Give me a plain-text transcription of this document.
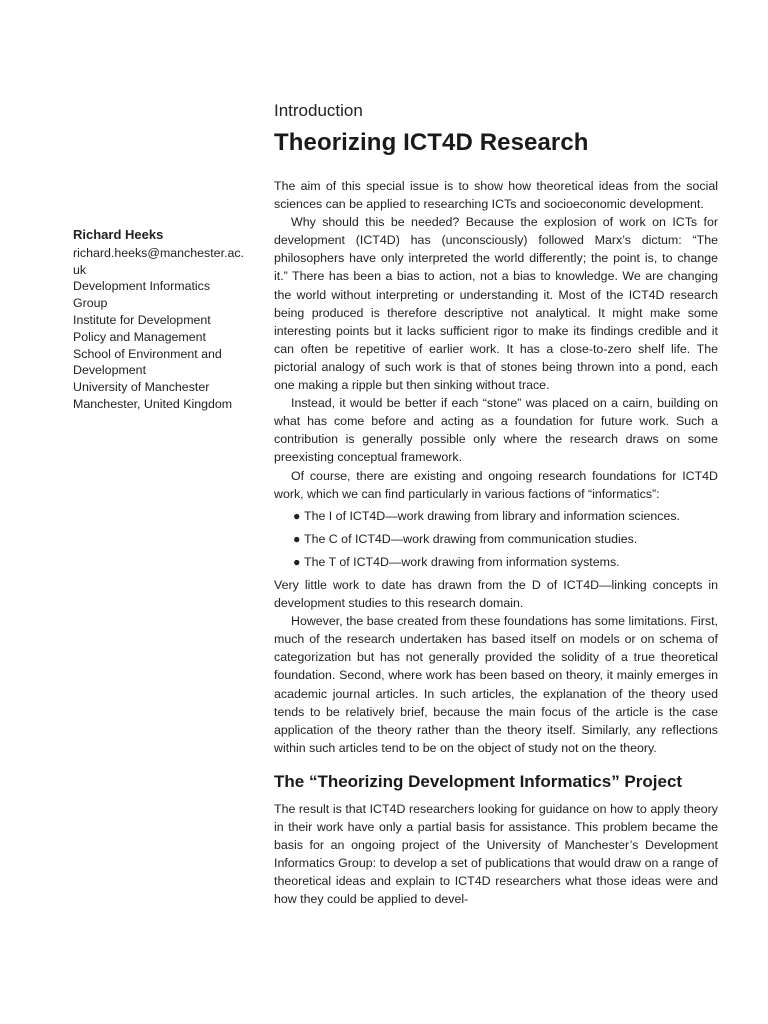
Introduction
Theorizing ICT4D Research
Richard Heeks
richard.heeks@manchester.ac.
uk
Development Informatics
Group
Institute for Development
Policy and Management
School of Environment and
Development
University of Manchester
Manchester, United Kingdom

The aim of this special issue is to show how theoretical ideas from the social sciences can be applied to researching ICTs and socioeconomic development.

Why should this be needed? Because the explosion of work on ICTs for development (ICT4D) has (unconsciously) followed Marx’s dictum: “The philosophers have only interpreted the world differently; the point is, to change it.” There has been a bias to action, not a bias to knowledge. We are changing the world without interpreting or understanding it. Most of the ICT4D research being produced is therefore descriptive not analytical. It might make some interesting points but it lacks sufficient rigor to make its findings credible and it can often be repetitive of earlier work. It has a close-to-zero shelf life. The pictorial analogy of such work is that of stones being thrown into a pond, each one making a ripple but then sinking without trace.

Instead, it would be better if each “stone” was placed on a cairn, building on what has come before and acting as a foundation for future work. Such a contribution is generally possible only where the research draws on some preexisting conceptual framework.

Of course, there are existing and ongoing research foundations for ICT4D work, which we can find particularly in various factions of “informatics”:

● The I of ICT4D—work drawing from library and information sciences.
● The C of ICT4D—work drawing from communication studies.
● The T of ICT4D—work drawing from information systems.

Very little work to date has drawn from the D of ICT4D—linking concepts in development studies to this research domain.

However, the base created from these foundations has some limitations. First, much of the research undertaken has based itself on models or on schema of categorization but has not generally provided the solidity of a true theoretical foundation. Second, where work has been based on theory, it mainly emerges in academic journal articles. In such articles, the explanation of the theory used tends to be relatively brief, because the main focus of the article is the case application of the theory rather than the theory itself. Similarly, any reflections within such articles tend to be on the object of study not on the theory.

The “Theorizing Development Informatics” Project

The result is that ICT4D researchers looking for guidance on how to apply theory in their work have only a partial basis for assistance. This problem became the basis for an ongoing project of the University of Manchester’s Development Informatics Group: to develop a set of publications that would draw on a range of theoretical ideas and explain to ICT4D researchers what those ideas were and how they could be applied to devel-
